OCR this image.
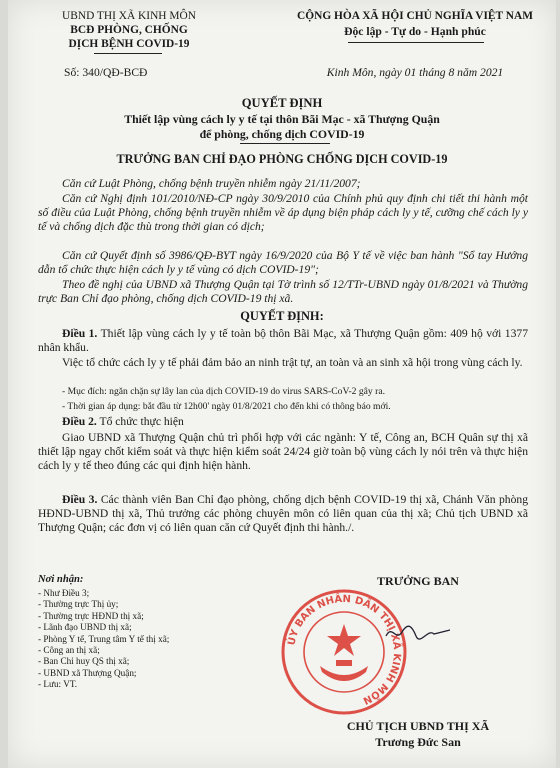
UBND THỊ XÃ KINH MÔN
BCĐ PHÒNG, CHỐNG
DỊCH BỆNH COVID-19
Số: 340/QĐ-BCĐ
CỘNG HÒA XÃ HỘI CHỦ NGHĨA VIỆT NAM
Độc lập - Tự do - Hạnh phúc
Kinh Môn, ngày 01 tháng 8 năm 2021
QUYẾT ĐỊNH
Thiết lập vùng cách ly y tế tại thôn Bãi Mạc - xã Thượng Quận
để phòng, chống dịch COVID-19
TRƯỞNG BAN CHỈ ĐẠO PHÒNG CHỐNG DỊCH COVID-19
Căn cứ Luật Phòng, chống bệnh truyền nhiễm ngày 21/11/2007;
Căn cứ Nghị định 101/2010/NĐ-CP ngày 30/9/2010 của Chính phủ quy định chi tiết thi hành một số điều của Luật Phòng, chống bệnh truyền nhiễm về áp dụng biện pháp cách ly y tế, cưỡng chế cách ly y tế và chống dịch đặc thù trong thời gian có dịch;
Căn cứ Quyết định số 3986/QĐ-BYT ngày 16/9/2020 của Bộ Y tế về việc ban hành "Sổ tay Hướng dẫn tổ chức thực hiện cách ly y tế vùng có dịch COVID-19";
Theo đề nghị của UBND xã Thượng Quận tại Tờ trình số 12/TTr-UBND ngày 01/8/2021 và Thường trực Ban Chỉ đạo phòng, chống dịch COVID-19 thị xã.
QUYẾT ĐỊNH:
Điều 1. Thiết lập vùng cách ly y tế toàn bộ thôn Bãi Mạc, xã Thượng Quận gồm: 409 hộ với 1377 nhân khẩu.
Việc tổ chức cách ly y tế phải đảm bảo an ninh trật tự, an toàn và an sinh xã hội trong vùng cách ly.
- Mục đích: ngăn chặn sự lây lan của dịch COVID-19 do virus SARS-CoV-2 gây ra.
- Thời gian áp dụng: bắt đầu từ 12h00' ngày 01/8/2021 cho đến khi có thông báo mới.
Điều 2. Tổ chức thực hiện
Giao UBND xã Thượng Quận chủ trì phối hợp với các ngành: Y tế, Công an, BCH Quân sự thị xã thiết lập ngay chốt kiểm soát và thực hiện kiểm soát 24/24 giờ toàn bộ vùng cách ly nói trên và thực hiện cách ly y tế theo đúng các qui định hiện hành.
Điều 3. Các thành viên Ban Chỉ đạo phòng, chống dịch bệnh COVID-19 thị xã, Chánh Văn phòng HĐND-UBND thị xã, Thủ trưởng các phòng chuyên môn có liên quan của thị xã; Chủ tịch UBND xã Thượng Quận; các đơn vị có liên quan căn cứ Quyết định thi hành./.
Nơi nhận:
- Như Điều 3;
- Thường trực Thị ủy;
- Thường trực HĐND thị xã;
- Lãnh đạo UBND thị xã;
- Phòng Y tế, Trung tâm Y tế thị xã;
- Công an thị xã;
- Ban Chỉ huy QS thị xã;
- UBND xã Thượng Quận;
- Lưu: VT.
ỦY BAN NHÂN DÂN THỊ XÃ KINH MÔN
TRƯỞNG BAN
CHỦ TỊCH UBND THỊ XÃ
Trương Đức San
